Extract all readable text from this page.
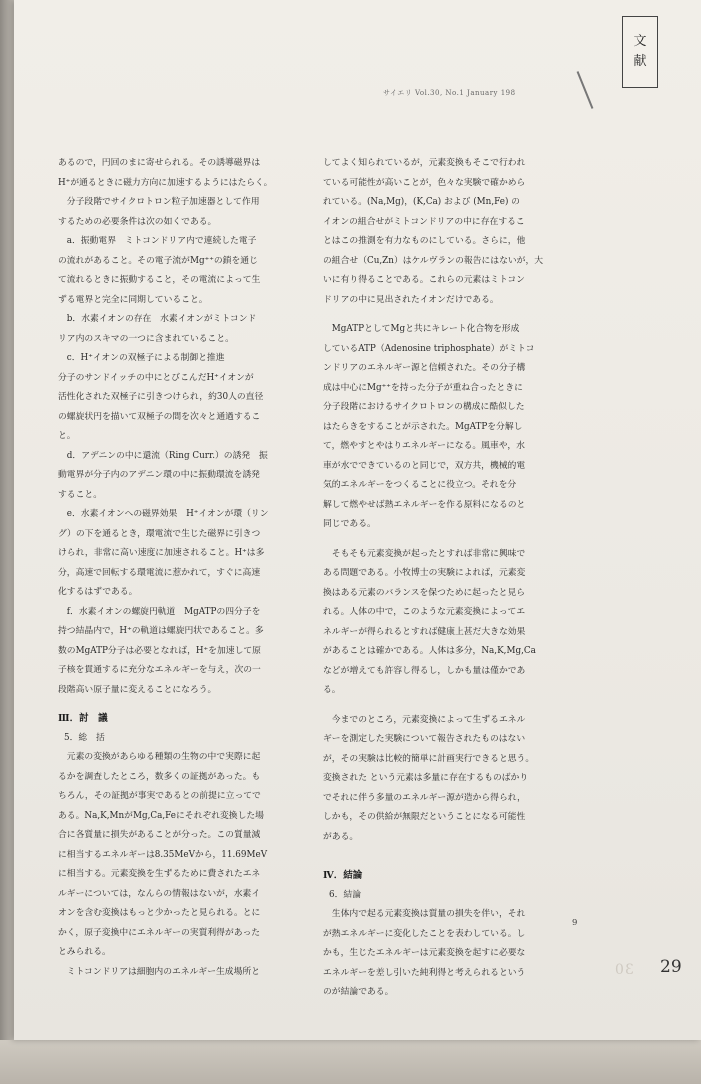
文
献
サイエリ Vol.30, No.1 January 198

あるので，円回のまに寄せられる。その誘導磁界は

H⁺が通るときに磁力方向に加速するようにはたらく。

分子段階でサイクロトロン粒子加速器として作用

するための必要条件は次の如くである。

a．振動電界　ミトコンドリア内で連続した電子

の流れがあること。その電子流がMg⁺⁺の鎖を通じ

て流れるときに振動すること，その電流によって生

ずる電界と完全に同期していること。

b．水素イオンの存在　水素イオンがミトコンド

リア内のスキマの一つに含まれていること。

c．H⁺イオンの双極子による制御と推進

分子のサンドイッチの中にとびこんだH⁺イオンが

活性化された双極子に引きつけられ，約30人の直径

の螺旋状円を描いて双極子の間を次々と通過するこ

と。

d．アデニンの中に還流（Ring Curr.）の誘発　振

動電界が分子内のアデニン環の中に振動環流を誘発

すること。

e．水素イオンへの磁界効果　H⁺イオンが環（リン

グ）の下を通るとき，環電流で生じた磁界に引きつ

けられ，非常に高い速度に加速されること。H⁺は多

分，高速で回転する環電流に惹かれて，すぐに高速

化するはずである。

f．水素イオンの螺旋円軌道　MgATPの四分子を

持つ結晶内で，H⁺の軌道は螺旋円状であること。多

数のMgATP分子は必要となれば，H⁺を加速して原

子核を貫通するに充分なエネルギーを与え，次の一

段階高い原子量に変えることになろう。

Ⅲ．討　議
5．総　括

元素の変換があらゆる種類の生物の中で実際に起

るかを調査したところ，数多くの証拠があった。も

ちろん，その証拠が事実であるとの前提に立ってで

ある。Na,K,MnがMg,Ca,Feにそれぞれ変換した場

合に各質量に損失があることが分った。この質量減

に相当するエネルギーは8.35MeVから，11.69MeV

に相当する。元素変換を生ずるために費されたエネ

ルギーについては，なんらの情報はないが，水素イ

オンを含む変換はもっと少かったと見られる。とに

かく，原子変換中にエネルギーの実質利得があった

とみられる。

ミトコンドリアは細胞内のエネルギー生成場所と

してよく知られているが，元素変換もそこで行われ

ている可能性が高いことが，色々な実験で確かめら

れている。(Na,Mg)，(K,Ca) および (Mn,Fe) の

イオンの組合せがミトコンドリアの中に存在するこ

とはこの推測を有力なものにしている。さらに，他

の組合せ（Cu,Zn）はケルヴランの報告にはないが，大

いに有り得ることである。これらの元素はミトコン

ドリアの中に見出されたイオンだけである。

MgATPとしてMgと共にキレート化合物を形成

しているATP（Adenosine triphosphate）がミトコ

ンドリアのエネルギー源と信頼された。その分子構

成は中心にMg⁺⁺を持った分子が重ね合ったときに

分子段階におけるサイクロトロンの構成に酷似した

はたらきをすることが示された。MgATPを分解し

て，燃やすとやはりエネルギーになる。風車や，水

車が水でできているのと同じで，双方共，機械的電

気的エネルギーをつくることに役立つ。それを分

解して燃やせば熱エネルギーを作る原料になるのと

同じである。

そもそも元素変換が起ったとすれば非常に興味で

ある問題である。小牧博士の実験によれば，元素変

換はある元素のバランスを保つために起ったと見ら

れる。人体の中で，このような元素変換によってエ

ネルギーが得られるとすれば健康上甚だ大きな効果

があることは確かである。人体は多分，Na,K,Mg,Ca

などが増えても許容し得るし，しかも量は僅かであ

る。

今までのところ，元素変換によって生ずるエネル

ギーを測定した実験について報告されたものはない

が，その実験は比較的簡単に計画実行できると思う。

変換された という元素は多量に存在するものばかり

でそれに伴う多量のエネルギー源が造から得られ，

しかも，その供給が無限だということになる可能性

がある。

Ⅳ．結論
6．結論

生体内で起る元素変換は質量の損失を伴い，それ

が熱エネルギーに変化したことを表わしている。し

かも，生じたエネルギーは元素変換を起すに必要な

エネルギーを差し引いた純利得と考えられるという

のが結論である。

9
30 29
